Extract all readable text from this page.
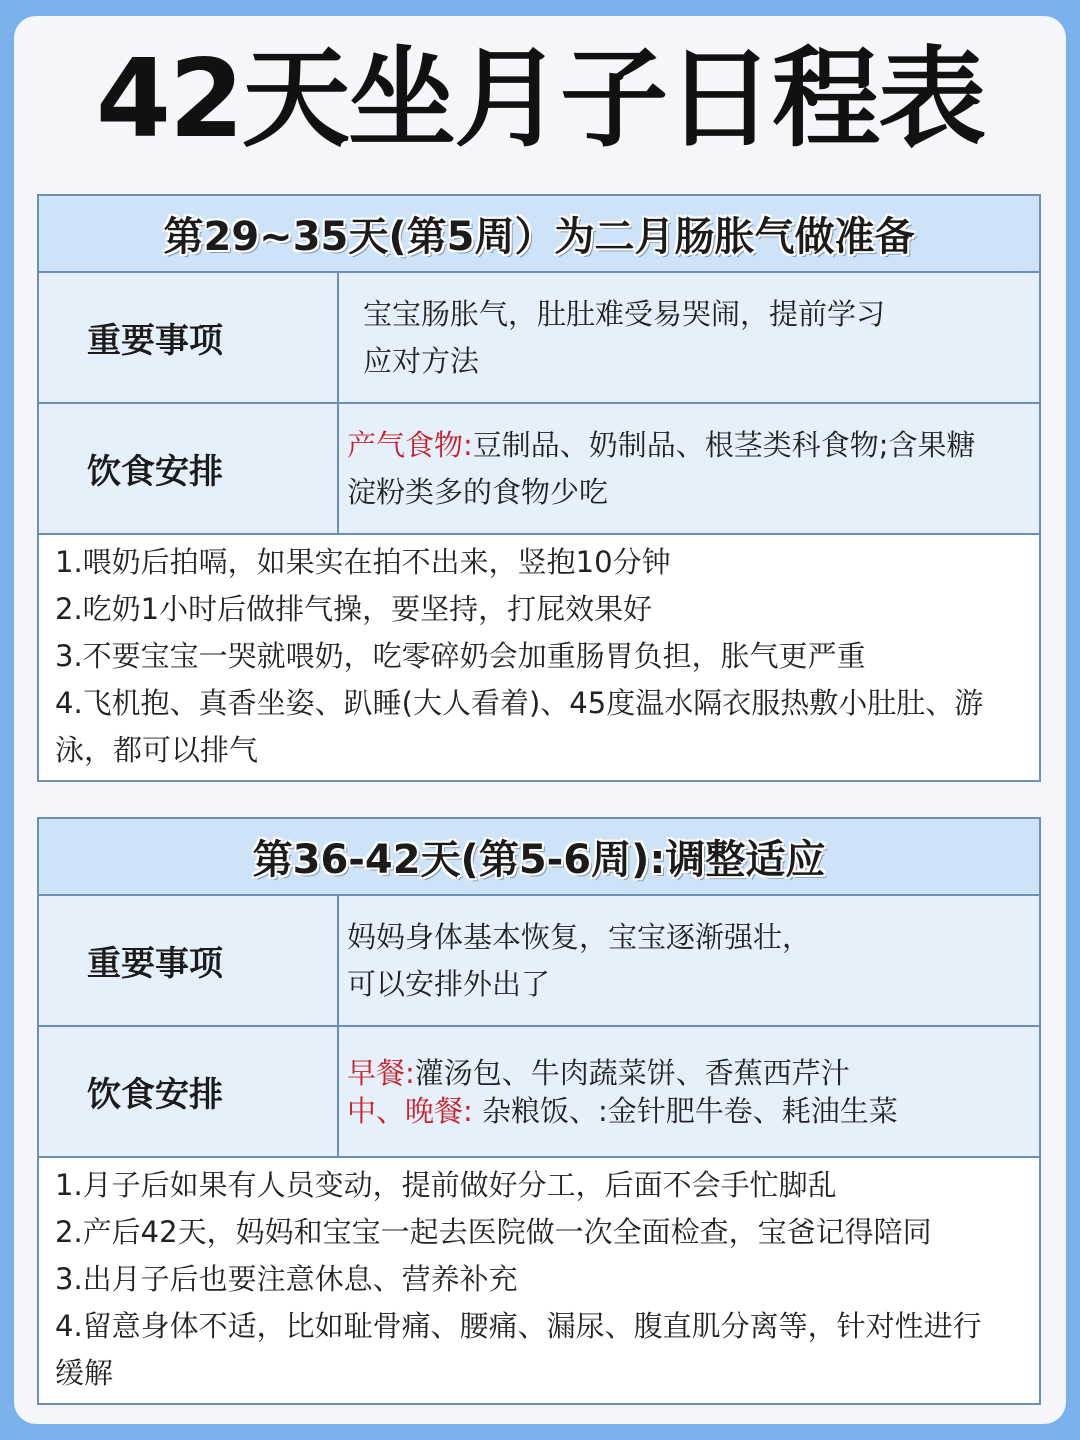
42天坐月子日程表
第29~35天(第5周）为二月肠胀气做准备
重要事项
宝宝肠胀气，肚肚难受易哭闹，提前学习
应对方法
饮食安排
产气食物:豆制品、奶制品、根茎类科食物;含果糖
淀粉类多的食物少吃
1.喂奶后拍嗝，如果实在拍不出来，竖抱10分钟
2.吃奶1小时后做排气操，要坚持，打屁效果好
3.不要宝宝一哭就喂奶，吃零碎奶会加重肠胃负担，胀气更严重
4.飞机抱、真香坐姿、趴睡(大人看着)、45度温水隔衣服热敷小肚肚、游泳，都可以排气
第36-42天(第5-6周):调整适应
重要事项
妈妈身体基本恢复，宝宝逐渐强壮，
可以安排外出了
饮食安排
早餐:灌汤包、牛肉蔬菜饼、香蕉西芹汁
中、晚餐: 杂粮饭、:金针肥牛卷、耗油生菜
1.月子后如果有人员变动，提前做好分工，后面不会手忙脚乱
2.产后42天，妈妈和宝宝一起去医院做一次全面检查，宝爸记得陪同
3.出月子后也要注意休息、营养补充
4.留意身体不适，比如耻骨痛、腰痛、漏尿、腹直肌分离等，针对性进行缓解
